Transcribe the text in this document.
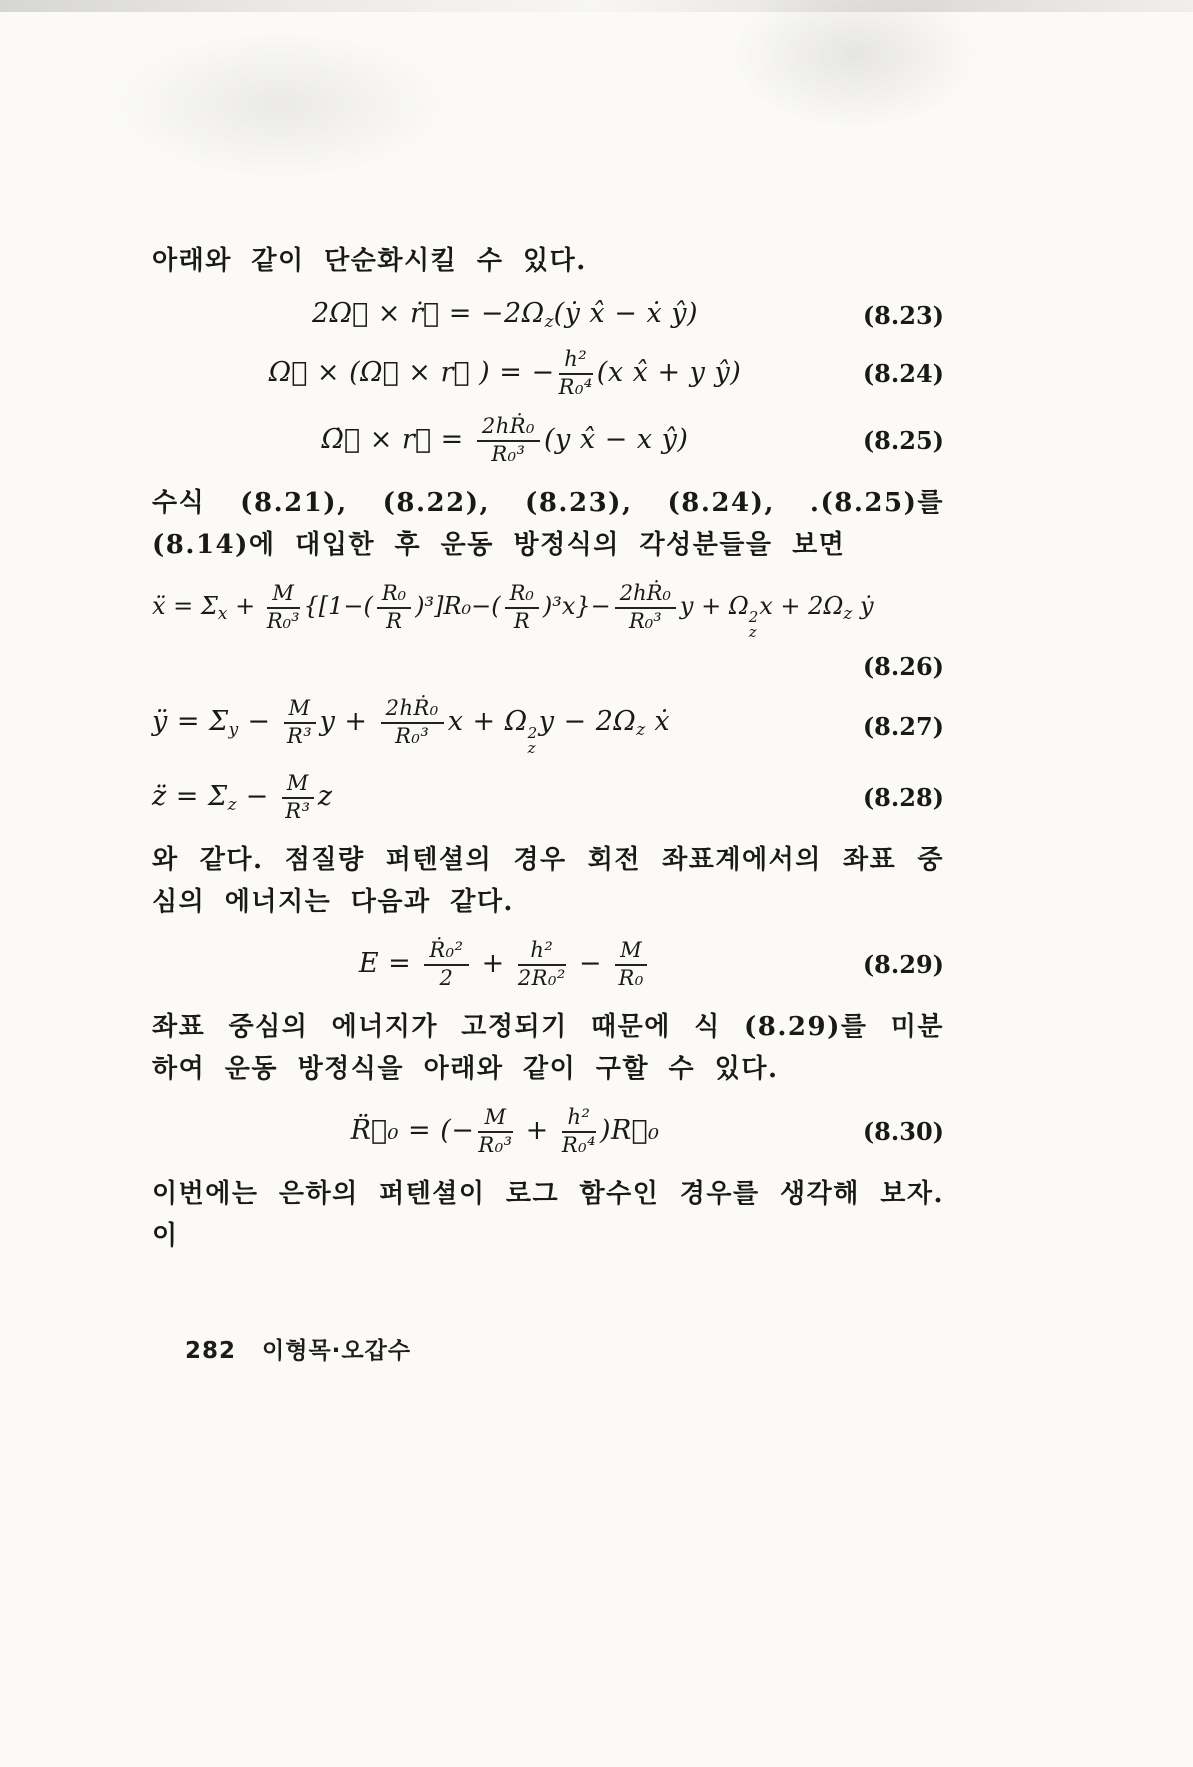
아래와 같이 단순화시킬 수 있다.

2Ω⃗ × ṙ⃗ = $-2\Omega_z(ẏ$ x̂ − ẋ ŷ)	(8.23)
Ω⃗ × (Ω⃗ × r⃗ ) = − $\frac{\text{h²}}{\text{R₀⁴}} (x$ x̂ + y ŷ)	(8.24)
Ω̇⃗ × r⃗ = $\frac{\text{2hṘ₀}}{\text{R₀³}} (y$ x̂ − x ŷ)	(8.25)

수식 (8.21), (8.22), (8.23), (8.24), .(8.25)를 (8.14)에 대입한 후 운동 방정식의 각성분들을 보면

ẍ = $\Sigma_x + \frac{M}{\text{R₀³}} \{[1-( \frac{\text{R₀}}{R} )^3]R_0-( \frac{\text{R₀}}{R} )^3x\}- \frac{\text{2hṘ₀}}{\text{R₀³}}$ y + Ω 2
z
$x + 2\Omega_z$ ẏ
(8.26)
ÿ = $\Sigma_y - \frac{M}{\text{R³}}$ $y + \frac{\text{2hṘ₀}}{\text{R₀³}}$ x + Ω 2
z
$y - 2\Omega_z$ ẋ	(8.27)
z̈ = $\Sigma_z - \frac{M}{\text{R³}}$ z	(8.28)

와 같다. 점질량 퍼텐셜의 경우 회전 좌표계에서의 좌표 중심의 에너지는 다음과 같다.

$E = \frac{\text{Ṙ₀²}}{2} + \frac{\text{h²}}{\text{2R₀²}} - \frac{M}{\text{R₀}}$	(8.29)

좌표 중심의 에너지가 고정되기 때문에 식 (8.29)를 미분하여 운동 방정식을 아래와 같이 구할 수 있다.

R̈⃗₀ = (− $\frac{M}{\text{R₀³}} + \frac{\text{h²}}{\text{R₀⁴}}$ )R⃗₀	(8.30)

이번에는 은하의 퍼텐셜이 로그 함수인 경우를 생각해 보자. 이

282 이형목·오갑수
